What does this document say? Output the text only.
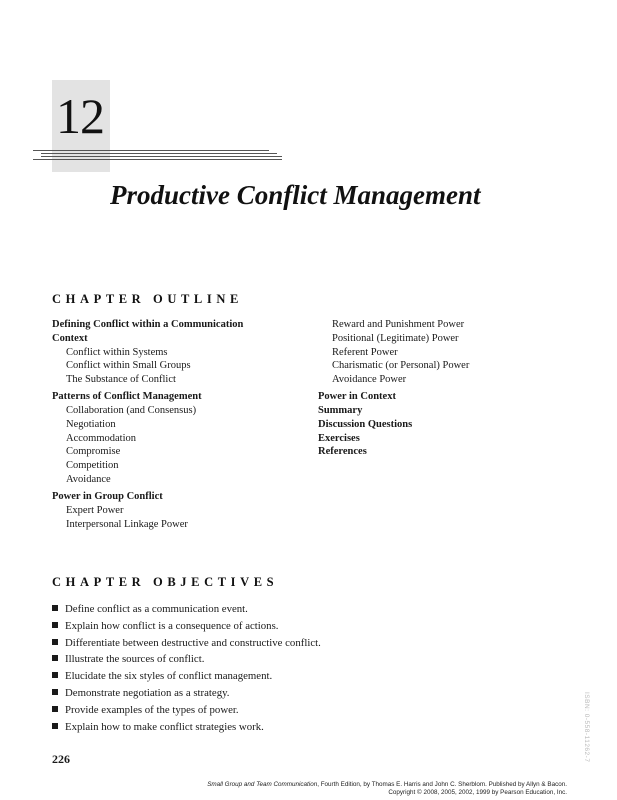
12
Productive Conflict Management
CHAPTER OUTLINE
Defining Conflict within a Communication
Context
Conflict within Systems
Conflict within Small Groups
The Substance of Conflict
Patterns of Conflict Management
Collaboration (and Consensus)
Negotiation
Accommodation
Compromise
Competition
Avoidance
Power in Group Conflict
Expert Power
Interpersonal Linkage Power
Reward and Punishment Power
Positional (Legitimate) Power
Referent Power
Charismatic (or Personal) Power
Avoidance Power
Power in Context
Summary
Discussion Questions
Exercises
References
CHAPTER OBJECTIVES
Define conflict as a communication event.
Explain how conflict is a consequence of actions.
Differentiate between destructive and constructive conflict.
Illustrate the sources of conflict.
Elucidate the six styles of conflict management.
Demonstrate negotiation as a strategy.
Provide examples of the types of power.
Explain how to make conflict strategies work.
226	ISBN: 0-558-11262-7
Small Group and Team Communication, Fourth Edition, by Thomas E. Harris and John C. Sherblom. Published by Allyn & Bacon.
Copyright © 2008, 2005, 2002, 1999 by Pearson Education, Inc.
